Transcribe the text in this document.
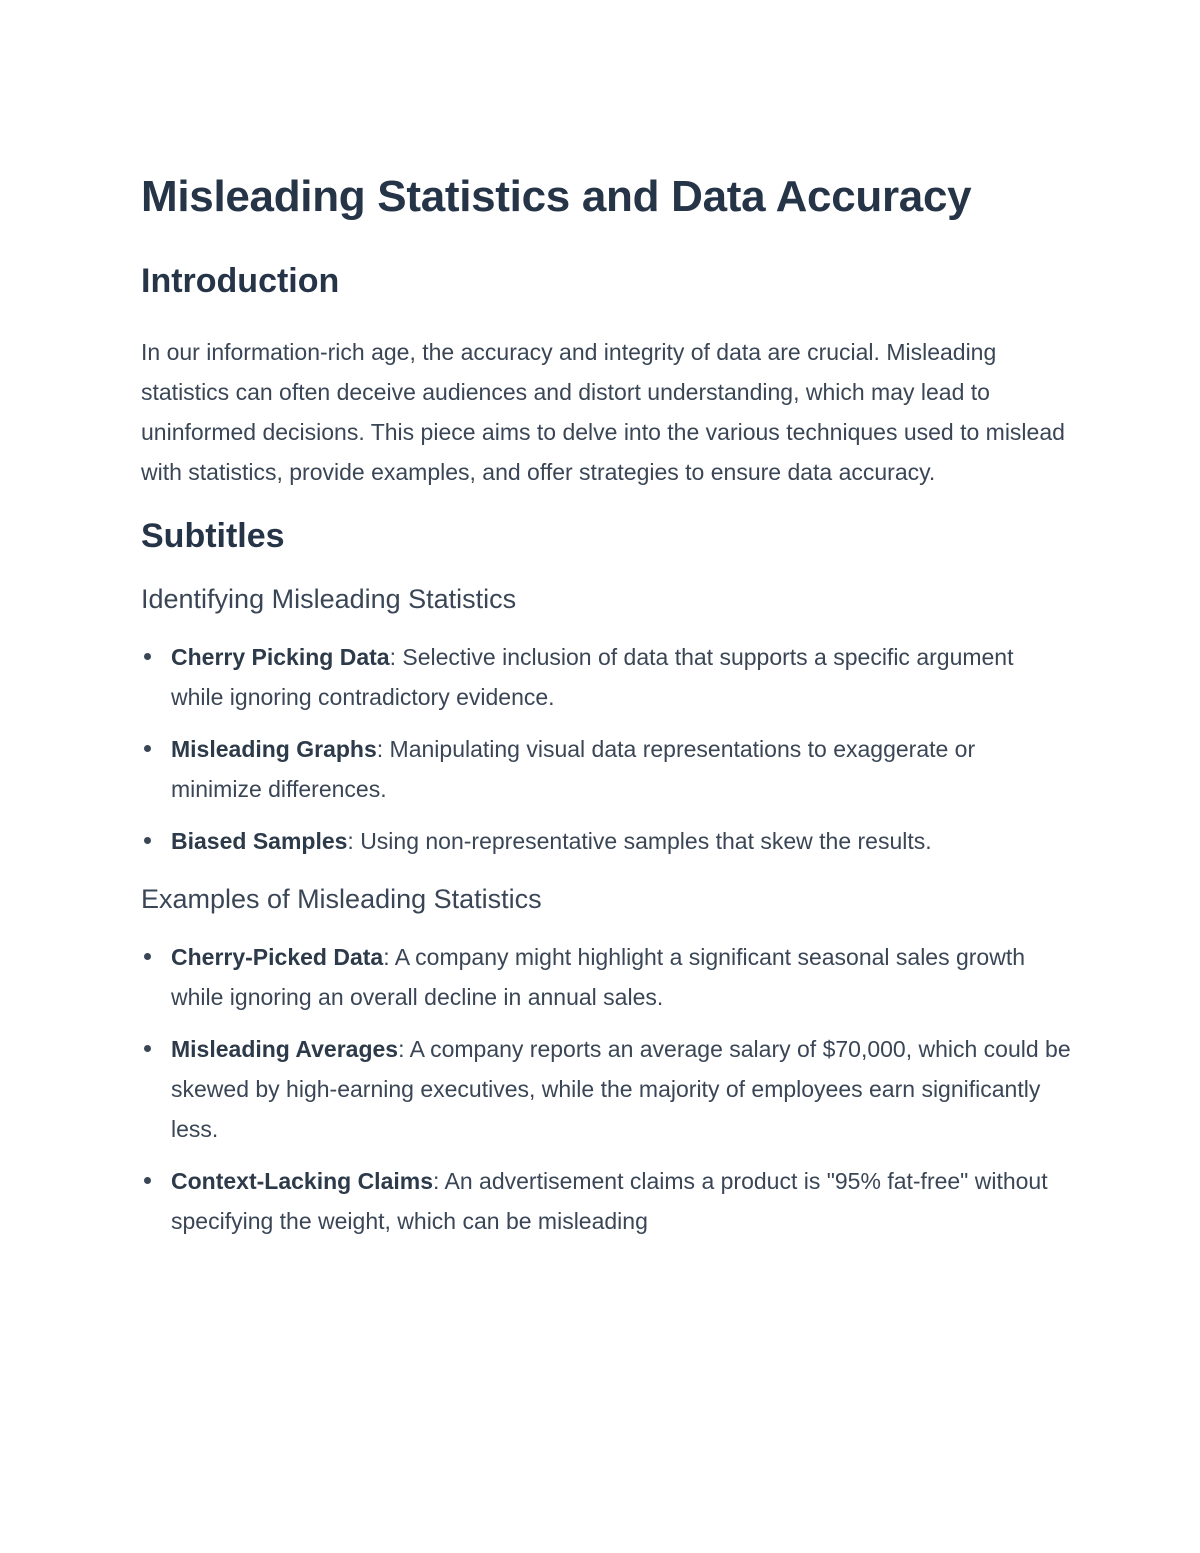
Misleading Statistics and Data Accuracy
Introduction

In our information-rich age, the accuracy and integrity of data are crucial. Misleading statistics can often deceive audiences and distort understanding, which may lead to uninformed decisions. This piece aims to delve into the various techniques used to mislead with statistics, provide examples, and offer strategies to ensure data accuracy.

Subtitles
Identifying Misleading Statistics
Cherry Picking Data: Selective inclusion of data that supports a specific argument while ignoring contradictory evidence.
Misleading Graphs: Manipulating visual data representations to exaggerate or minimize differences.
Biased Samples: Using non-representative samples that skew the results.
Examples of Misleading Statistics
Cherry-Picked Data: A company might highlight a significant seasonal sales growth while ignoring an overall decline in annual sales.
Misleading Averages: A company reports an average salary of $70,000, which could be skewed by high-earning executives, while the majority of employees earn significantly less.
Context-Lacking Claims: An advertisement claims a product is "95% fat-free" without specifying the weight, which can be misleading
